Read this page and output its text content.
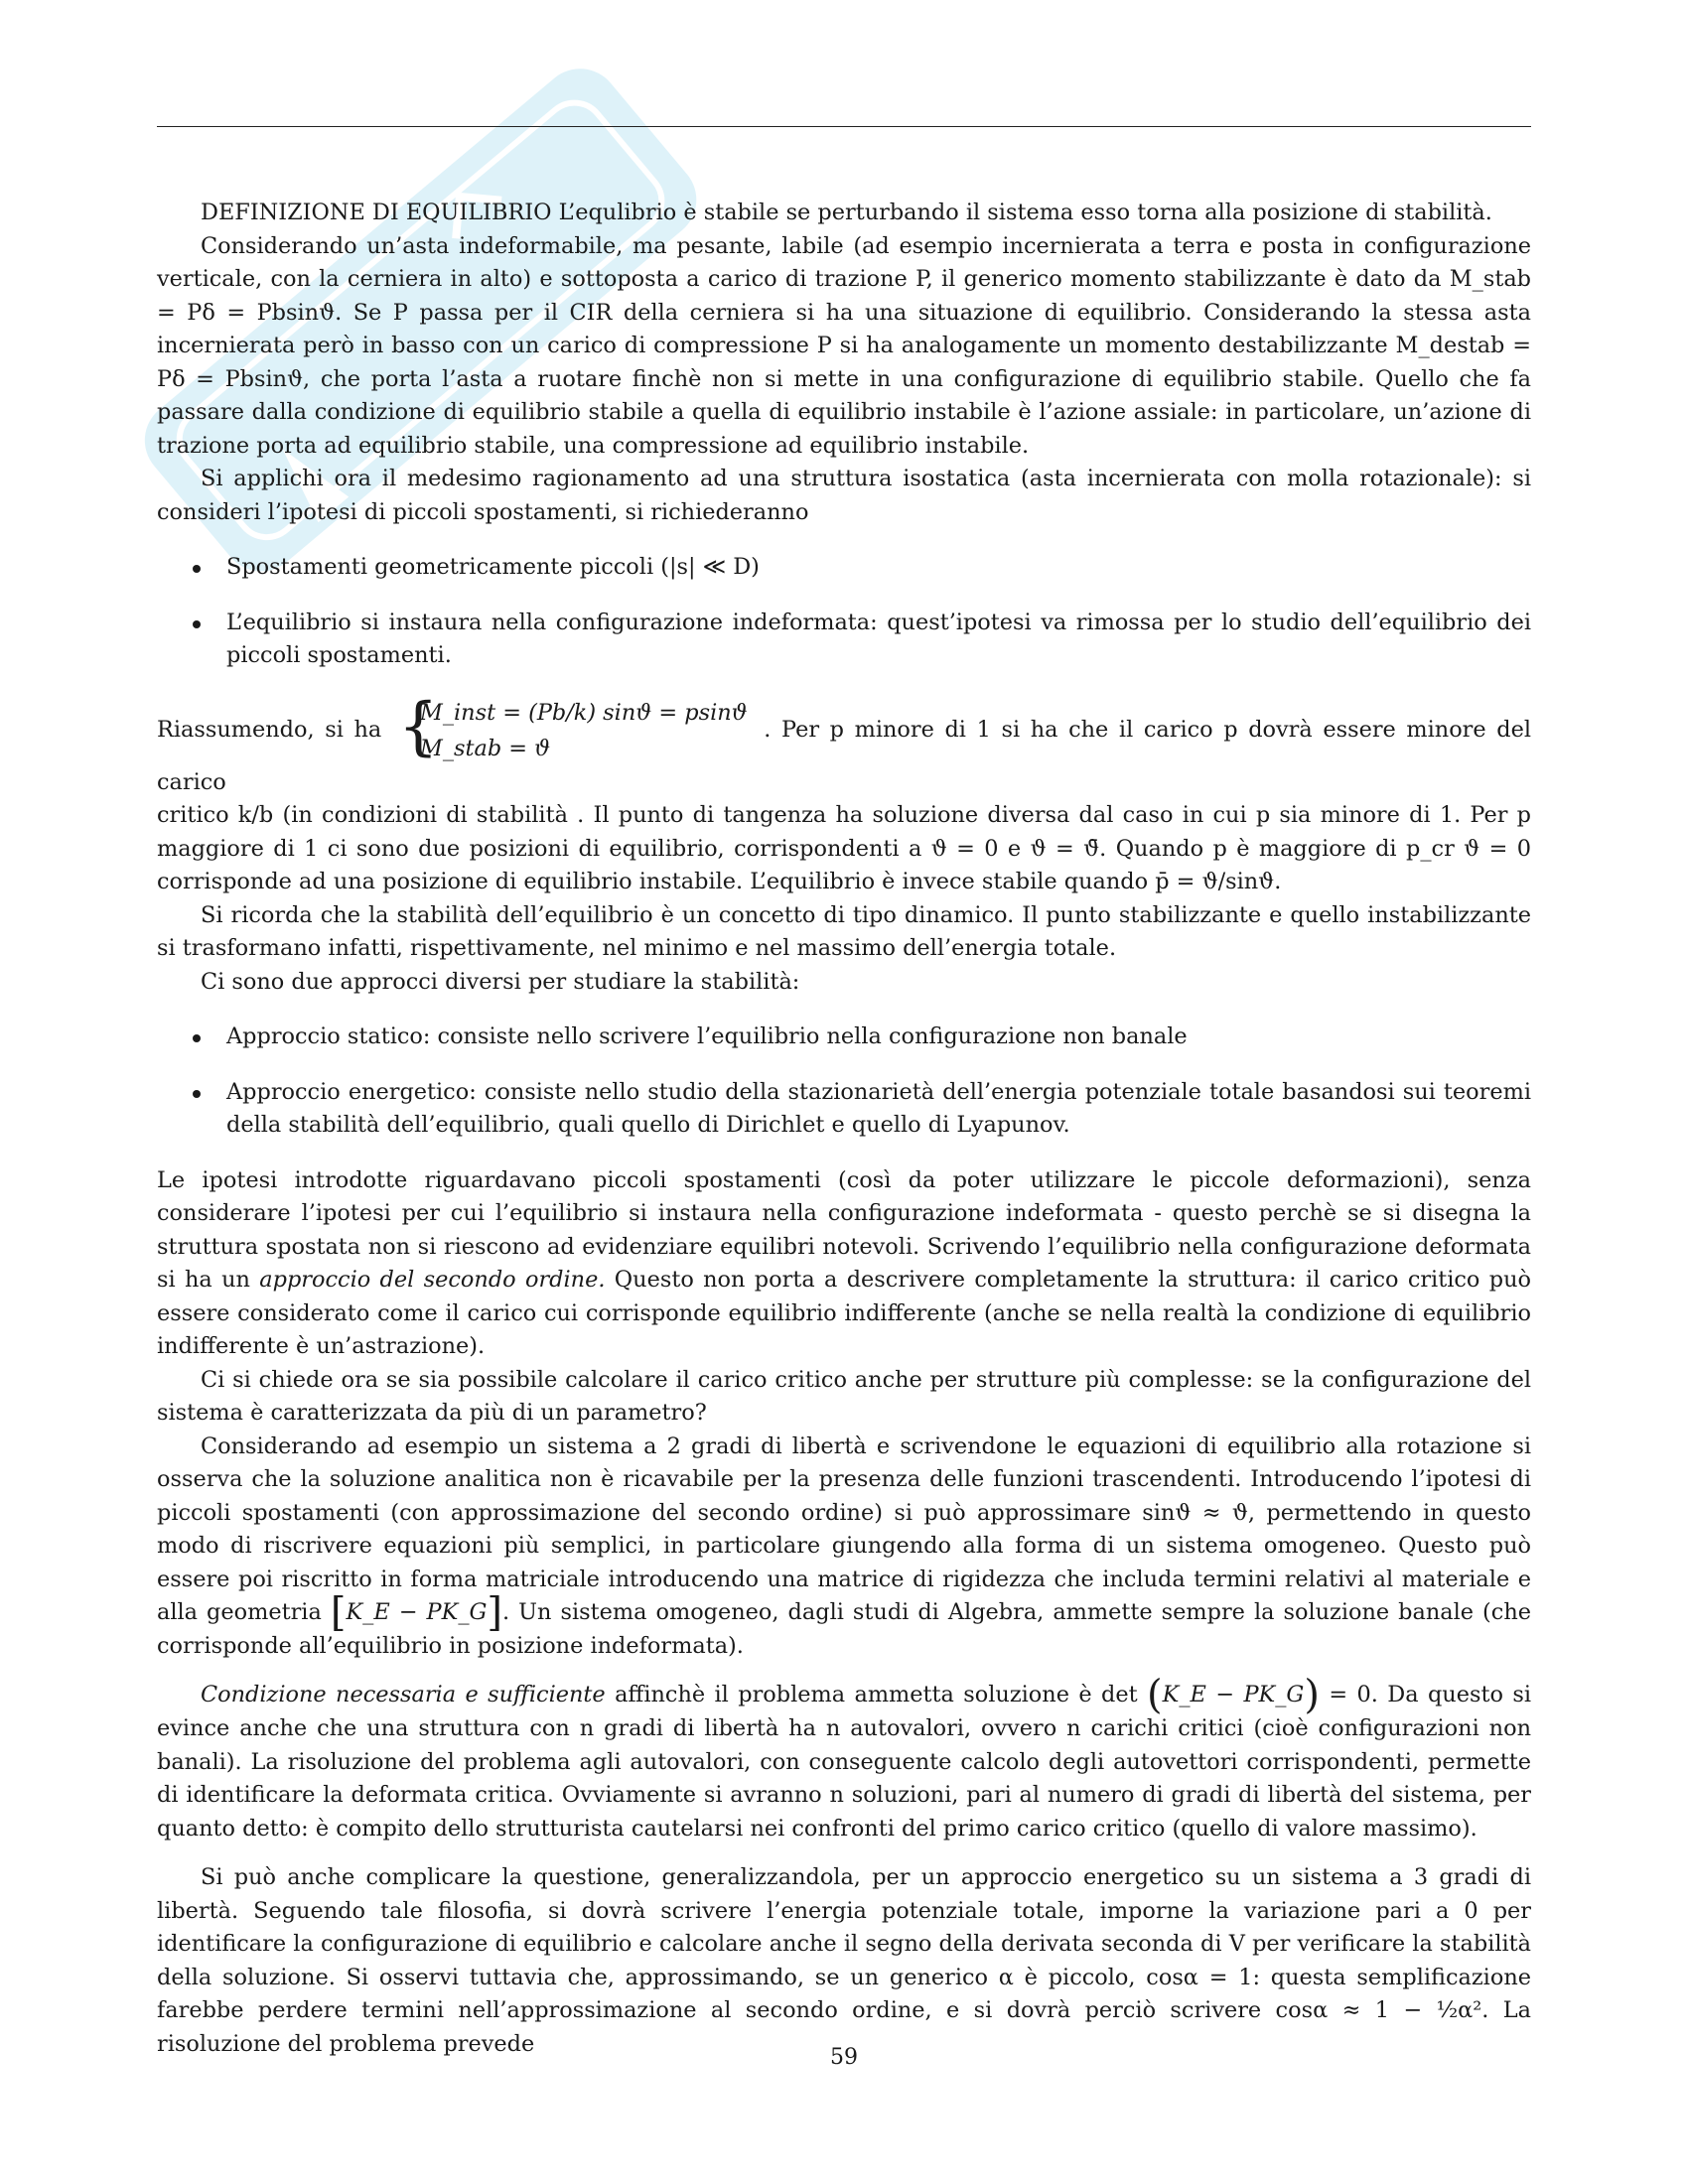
DEFINIZIONE DI EQUILIBRIO L’equlibrio è stabile se perturbando il sistema esso torna alla posizione di stabilità.

Considerando un’asta indeformabile, ma pesante, labile (ad esempio incernierata a terra e posta in configurazione verticale, con la cerniera in alto) e sottoposta a carico di trazione P, il generico momento stabilizzante è dato da M_stab = Pδ = Pbsinϑ. Se P passa per il CIR della cerniera si ha una situazione di equilibrio. Considerando la stessa asta incernierata però in basso con un carico di compressione P si ha analogamente un momento destabilizzante M_destab = Pδ = Pbsinϑ, che porta l’asta a ruotare finchè non si mette in una configurazione di equilibrio stabile. Quello che fa passare dalla condizione di equilibrio stabile a quella di equilibrio instabile è l’azione assiale: in particolare, un’azione di trazione porta ad equilibrio stabile, una compressione ad equilibrio instabile.

Si applichi ora il medesimo ragionamento ad una struttura isostatica (asta incernierata con molla rotazionale): si consideri l’ipotesi di piccoli spostamenti, si richiederanno

Spostamenti geometricamente piccoli (|s| ≪ D)
L’equilibrio si instaura nella configurazione indeformata: quest’ipotesi va rimossa per lo studio dell’equilibrio dei piccoli spostamenti.

Riassumendo, si ha {
M_inst = (Pb/k) sinϑ = psinϑ
M_stab = ϑ . Per p minore di 1 si ha che il carico p dovrà essere minore del carico

critico k/b (in condizioni di stabilità . Il punto di tangenza ha soluzione diversa dal caso in cui p sia minore di 1. Per p maggiore di 1 ci sono due posizioni di equilibrio, corrispondenti a ϑ = 0 e ϑ = ϑ̄. Quando p è maggiore di p_cr ϑ = 0 corrisponde ad una posizione di equilibrio instabile. L’equilibrio è invece stabile quando p̄ = ϑ/sinϑ.

Si ricorda che la stabilità dell’equilibrio è un concetto di tipo dinamico. Il punto stabilizzante e quello instabilizzante si trasformano infatti, rispettivamente, nel minimo e nel massimo dell’energia totale.

Ci sono due approcci diversi per studiare la stabilità:

Approccio statico: consiste nello scrivere l’equilibrio nella configurazione non banale
Approccio energetico: consiste nello studio della stazionarietà dell’energia potenziale totale basandosi sui teoremi della stabilità dell’equilibrio, quali quello di Dirichlet e quello di Lyapunov.

Le ipotesi introdotte riguardavano piccoli spostamenti (così da poter utilizzare le piccole deformazioni), senza considerare l’ipotesi per cui l’equilibrio si instaura nella configurazione indeformata - questo perchè se si disegna la struttura spostata non si riescono ad evidenziare equilibri notevoli. Scrivendo l’equilibrio nella configurazione deformata si ha un approccio del secondo ordine. Questo non porta a descrivere completamente la struttura: il carico critico può essere considerato come il carico cui corrisponde equilibrio indifferente (anche se nella realtà la condizione di equilibrio indifferente è un’astrazione).

Ci si chiede ora se sia possibile calcolare il carico critico anche per strutture più complesse: se la configurazione del sistema è caratterizzata da più di un parametro?

Considerando ad esempio un sistema a 2 gradi di libertà e scrivendone le equazioni di equilibrio alla rotazione si osserva che la soluzione analitica non è ricavabile per la presenza delle funzioni trascendenti. Introducendo l’ipotesi di piccoli spostamenti (con approssimazione del secondo ordine) si può approssimare sinϑ ≈ ϑ, permettendo in questo modo di riscrivere equazioni più semplici, in particolare giungendo alla forma di un sistema omogeneo. Questo può essere poi riscritto in forma matriciale introducendo una matrice di rigidezza che includa termini relativi al materiale e alla geometria [K_E − PK_G]. Un sistema omogeneo, dagli studi di Algebra, ammette sempre la soluzione banale (che corrisponde all’equilibrio in posizione indeformata).

Condizione necessaria e sufficiente affinchè il problema ammetta soluzione è det (K_E − PK_G) = 0. Da questo si evince anche che una struttura con n gradi di libertà ha n autovalori, ovvero n carichi critici (cioè configurazioni non banali). La risoluzione del problema agli autovalori, con conseguente calcolo degli autovettori corrispondenti, permette di identificare la deformata critica. Ovviamente si avranno n soluzioni, pari al numero di gradi di libertà del sistema, per quanto detto: è compito dello strutturista cautelarsi nei confronti del primo carico critico (quello di valore massimo).

Si può anche complicare la questione, generalizzandola, per un approccio energetico su un sistema a 3 gradi di libertà. Seguendo tale filosofia, si dovrà scrivere l’energia potenziale totale, imporne la variazione pari a 0 per identificare la configurazione di equilibrio e calcolare anche il segno della derivata seconda di V per verificare la stabilità della soluzione. Si osservi tuttavia che, approssimando, se un generico α è piccolo, cosα = 1: questa semplificazione farebbe perdere termini nell’approssimazione al secondo ordine, e si dovrà perciò scrivere cosα ≈ 1 − ½α². La risoluzione del problema prevede

59
